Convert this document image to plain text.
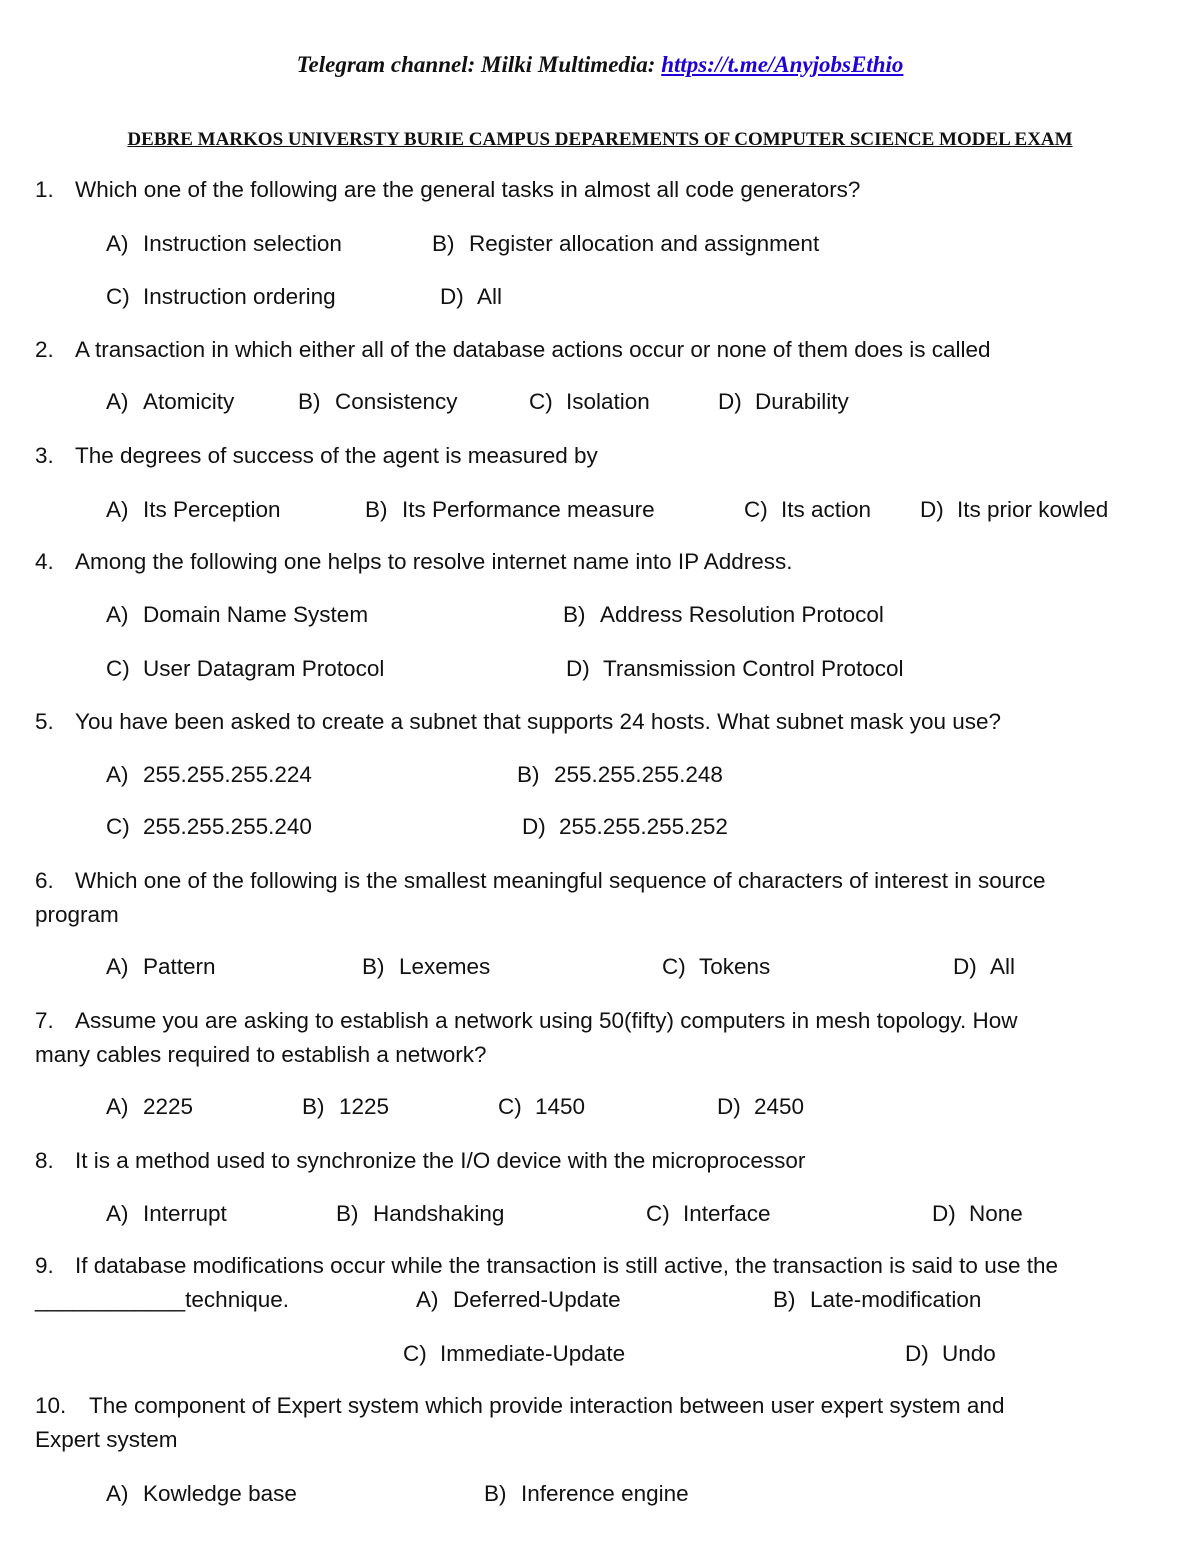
Telegram channel: Milki Multimedia: https://t.me/AnyjobsEthio
DEBRE MARKOS UNIVERSTY BURIE CAMPUS DEPAREMENTS OF COMPUTER SCIENCE MODEL EXAM
1. Which one of the following are the general tasks in almost all code generators?
A) Instruction selection	B) Register allocation and assignment
C) Instruction ordering	D) All
2. A transaction in which either all of the database actions occur or none of them does is called
A) Atomicity	B) Consistency	C) Isolation	D) Durability
3. The degrees of success of the agent is measured by
A) Its Perception	B) Its Performance measure	C) Its action D) Its prior kowled
4. Among the following one helps to resolve internet name into IP Address.
A) Domain Name System	B) Address Resolution Protocol
C) User Datagram Protocol	D) Transmission Control Protocol
5. You have been asked to create a subnet that supports 24 hosts. What subnet mask you use?
A) 255.255.255.224	B) 255.255.255.248
C) 255.255.255.240	D) 255.255.255.252
6. Which one of the following is the smallest meaningful sequence of characters of interest in source
program
A) Pattern	B) Lexemes	C) Tokens	D) All
7. Assume you are asking to establish a network using 50(fifty) computers in mesh topology. How
many cables required to establish a network?
A) 2225	B) 1225	C) 1450	D) 2450
8. It is a method used to synchronize the I/O device with the microprocessor
A) Interrupt	B) Handshaking	C) Interface	D) None
9. If database modifications occur while the transaction is still active, the transaction is said to use the
____________technique.	A) Deferred-Update	B) Late-modification
C) Immediate-Update	D) Undo
10. The component of Expert system which provide interaction between user expert system and
Expert system
A) Kowledge base	B) Inference engine
